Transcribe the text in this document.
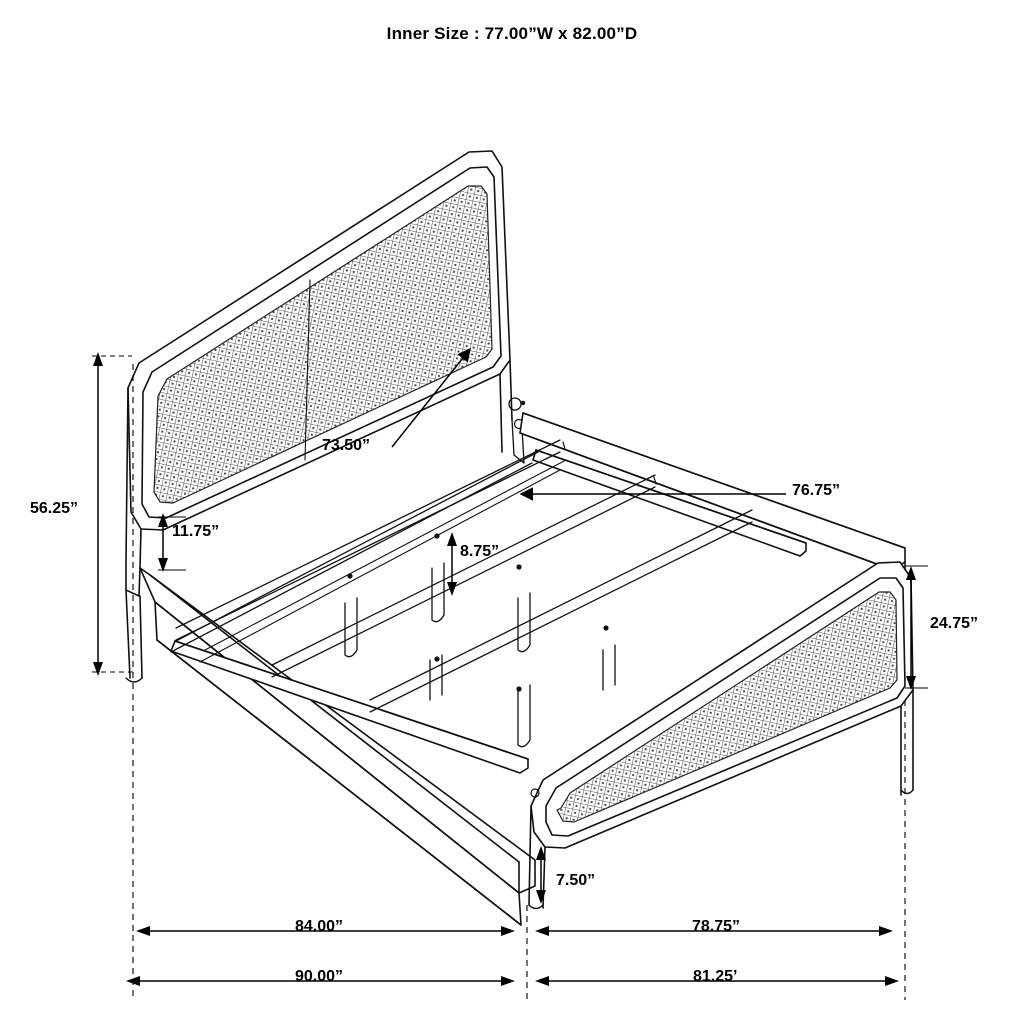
Inner Size : 77.00”W x 82.00”D
56.25”
73.50”
11.75”
8.75”
76.75”
24.75”
7.50”
84.00”	78.75”
90.00”	81.25’
